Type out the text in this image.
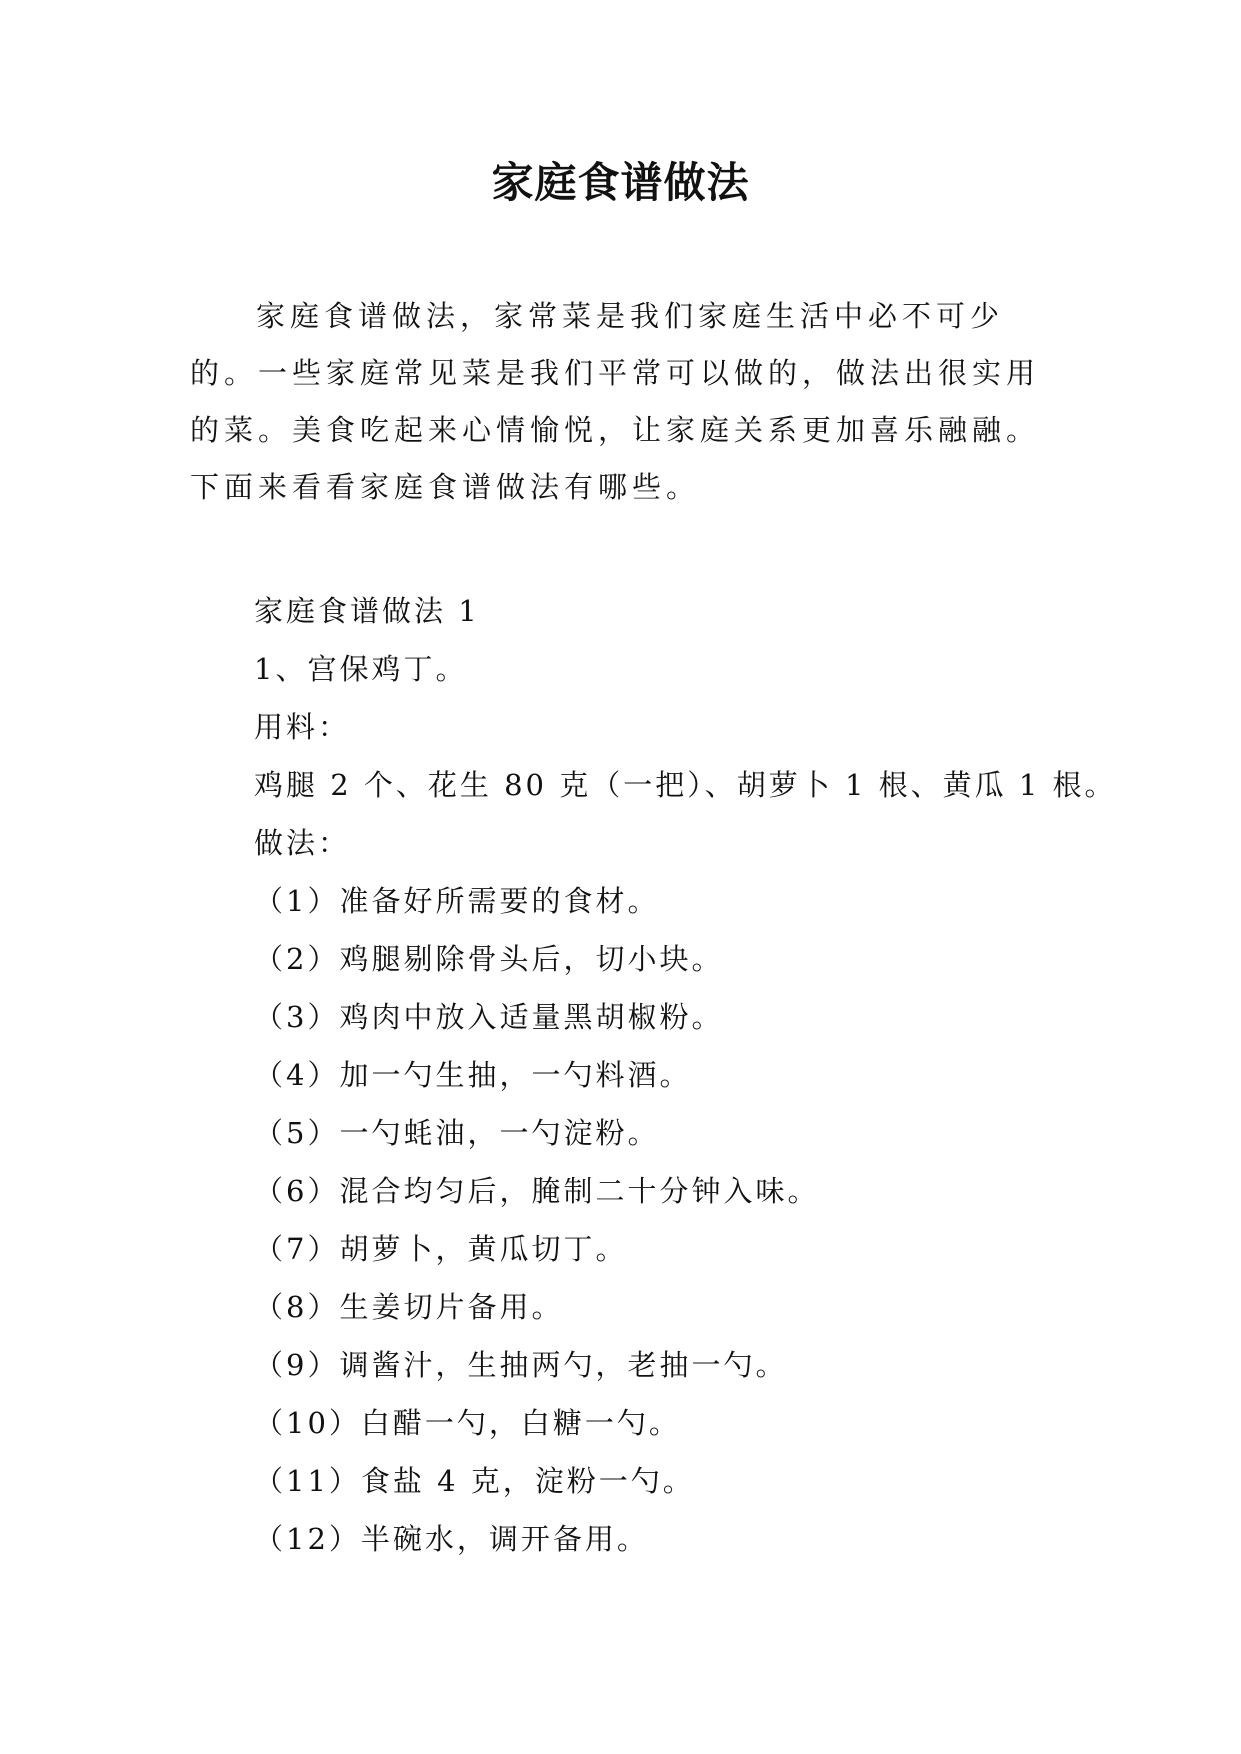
家庭食谱做法

家庭食谱做法，家常菜是我们家庭生活中必不可少的。一些家庭常见菜是我们平常可以做的，做法出很实用的菜。美食吃起来心情愉悦，让家庭关系更加喜乐融融。下面来看看家庭食谱做法有哪些。

家庭食谱做法 1
1、宫保鸡丁。
用料：
鸡腿 2 个、花生 80 克（一把）、胡萝卜 1 根、黄瓜 1 根。
做法：
（1）准备好所需要的食材。
（2）鸡腿剔除骨头后，切小块。
（3）鸡肉中放入适量黑胡椒粉。
（4）加一勺生抽，一勺料酒。
（5）一勺蚝油，一勺淀粉。
（6）混合均匀后，腌制二十分钟入味。
（7）胡萝卜，黄瓜切丁。
（8）生姜切片备用。
（9）调酱汁，生抽两勺，老抽一勺。
（10）白醋一勺，白糖一勺。
（11）食盐 4 克，淀粉一勺。
（12）半碗水，调开备用。
